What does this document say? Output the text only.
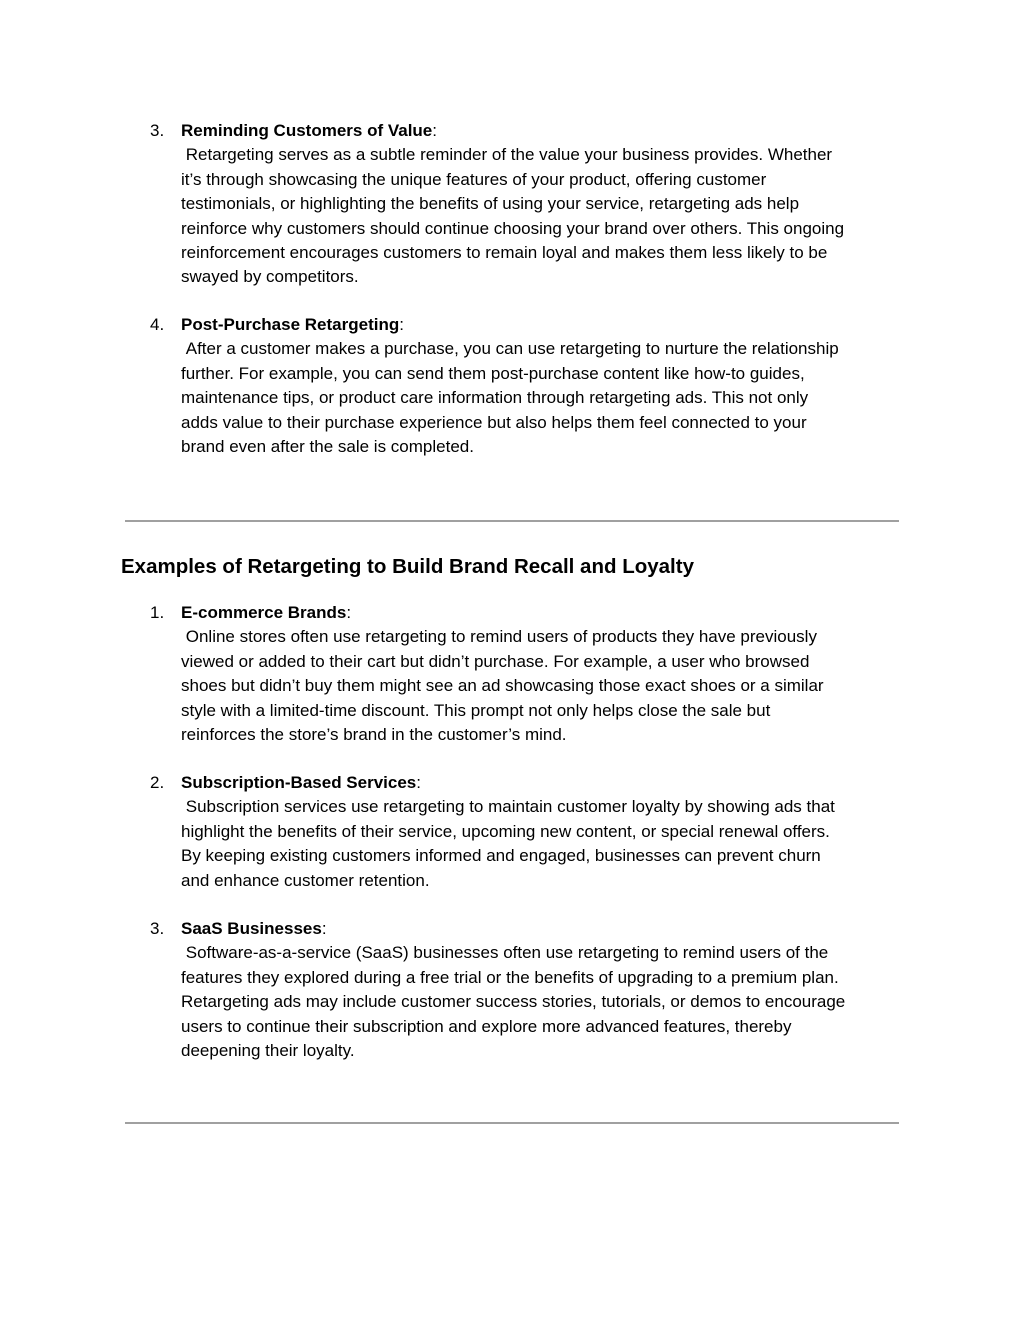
3. Reminding Customers of Value:
Retargeting serves as a subtle reminder of the value your business provides. Whether
it’s through showcasing the unique features of your product, offering customer
testimonials, or highlighting the benefits of using your service, retargeting ads help
reinforce why customers should continue choosing your brand over others. This ongoing
reinforcement encourages customers to remain loyal and makes them less likely to be
swayed by competitors.
4. Post-Purchase Retargeting:
After a customer makes a purchase, you can use retargeting to nurture the relationship
further. For example, you can send them post-purchase content like how-to guides,
maintenance tips, or product care information through retargeting ads. This not only
adds value to their purchase experience but also helps them feel connected to your
brand even after the sale is completed.
Examples of Retargeting to Build Brand Recall and Loyalty
1. E-commerce Brands:
Online stores often use retargeting to remind users of products they have previously
viewed or added to their cart but didn’t purchase. For example, a user who browsed
shoes but didn’t buy them might see an ad showcasing those exact shoes or a similar
style with a limited-time discount. This prompt not only helps close the sale but
reinforces the store’s brand in the customer’s mind.
2. Subscription-Based Services:
Subscription services use retargeting to maintain customer loyalty by showing ads that
highlight the benefits of their service, upcoming new content, or special renewal offers.
By keeping existing customers informed and engaged, businesses can prevent churn
and enhance customer retention.
3. SaaS Businesses:
Software-as-a-service (SaaS) businesses often use retargeting to remind users of the
features they explored during a free trial or the benefits of upgrading to a premium plan.
Retargeting ads may include customer success stories, tutorials, or demos to encourage
users to continue their subscription and explore more advanced features, thereby
deepening their loyalty.
